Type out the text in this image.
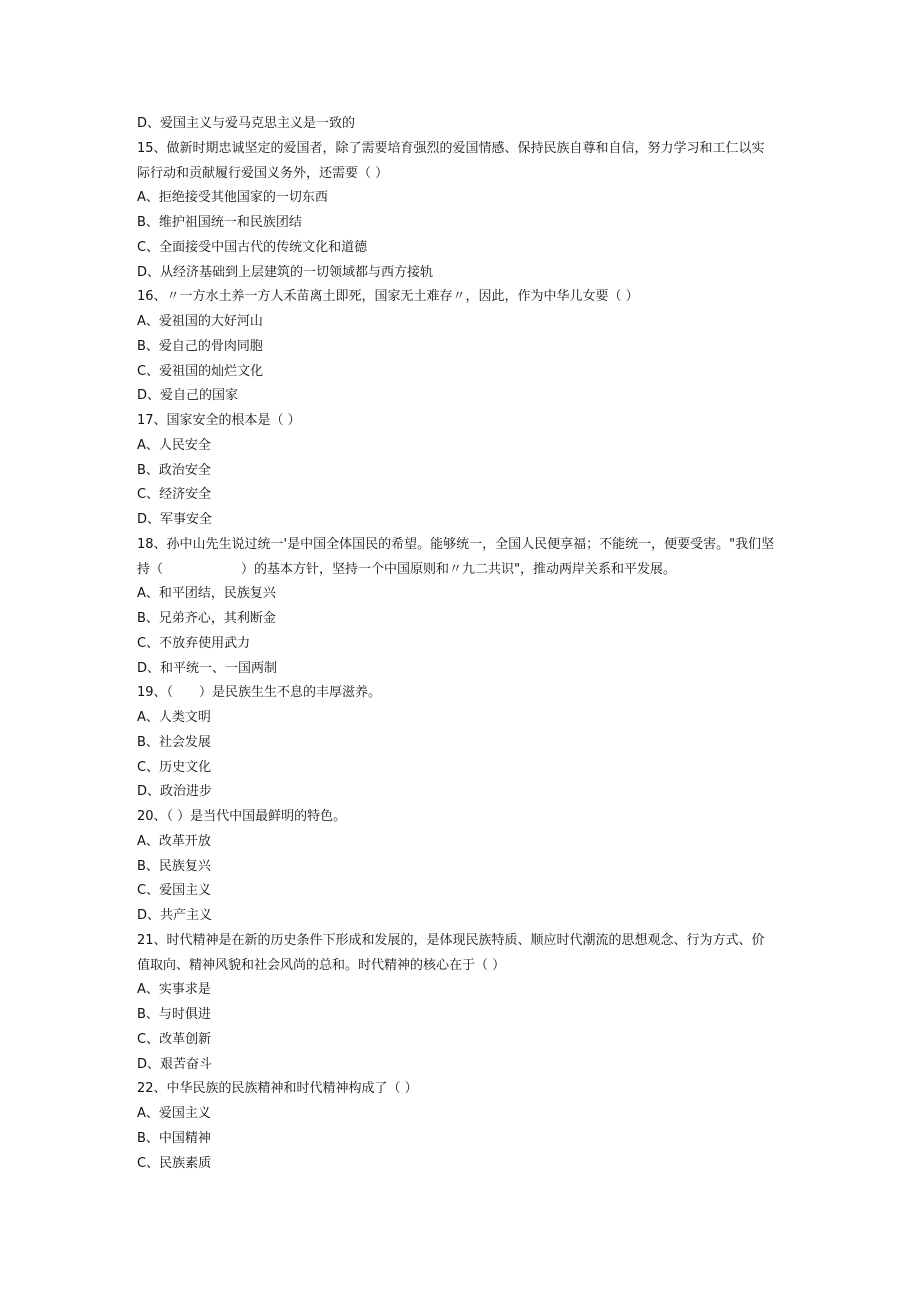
D、爱国主义与爱马克思主义是一致的
15、做新时期忠诚坚定的爱国者，除了需要培育强烈的爱国情感、保持民族自尊和自信，努力学习和工仁以实
际行动和贡献履行爱国义务外，还需要（ ）
A、拒绝接受其他国家的一切东西
B、维护祖国统一和民族团结
C、全面接受中国古代的传统文化和道德
D、从经济基础到上层建筑的一切领域都与西方接轨
16、〃一方水土养一方人禾苗离土即死，国家无土难存〃，因此，作为中华儿女要（ ）
A、爱祖国的大好河山
B、爱自己的骨肉同胞
C、爱祖国的灿烂文化
D、爱自己的国家
17、国家安全的根本是（ ）
A、人民安全
B、政治安全
C、经济安全
D、军事安全
18、孙中山先生说过统一'是中国全体国民的希望。能够统一，全国人民便享福；不能统一，便要受害。"我们坚
持（　　　　　　）的基本方针，坚持一个中国原则和〃九二共识"，推动两岸关系和平发展。
A、和平团结，民族复兴
B、兄弟齐心，其利断金
C、不放弃使用武力
D、和平统一、一国两制
19、（　　）是民族生生不息的丰厚滋养。
A、人类文明
B、社会发展
C、历史文化
D、政治进步
20、（ ）是当代中国最鲜明的特色。
A、改革开放
B、民族复兴
C、爱国主义
D、共产主义
21、时代精神是在新的历史条件下形成和发展的，是体现民族特质、顺应时代潮流的思想观念、行为方式、价
值取向、精神风貌和社会风尚的总和。时代精神的核心在于（ ）
A、实事求是
B、与时俱进
C、改革创新
D、艰苦奋斗
22、中华民族的民族精神和时代精神构成了（ ）
A、爱国主义
B、中国精神
C、民族素质
